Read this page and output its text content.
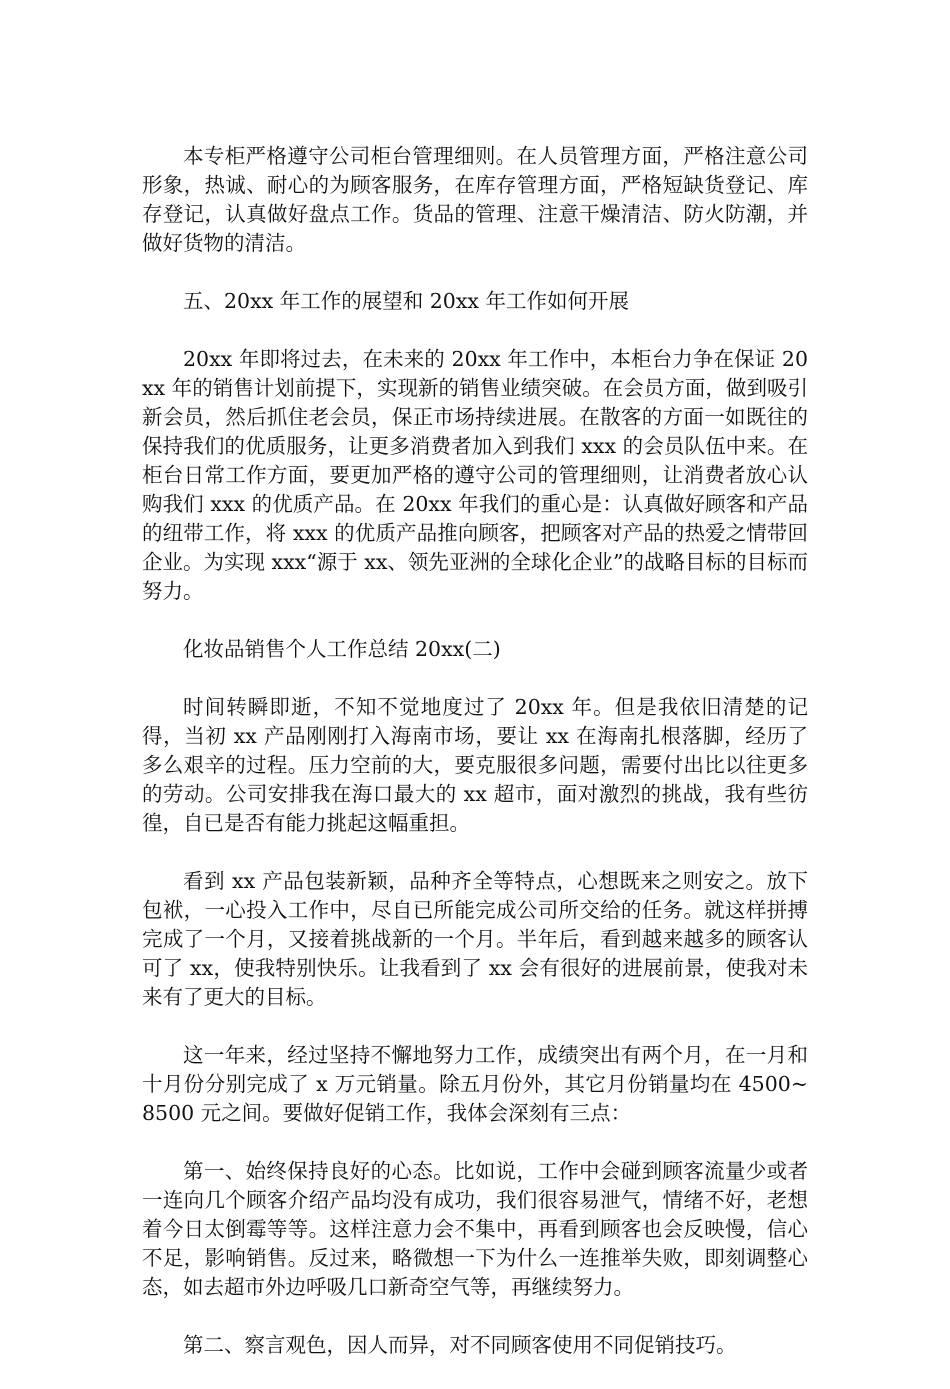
本专柜严格遵守公司柜台管理细则。在人员管理方面，严格注意公司形象，热诚、耐心的为顾客服务，在库存管理方面，严格短缺货登记、库存登记，认真做好盘点工作。货品的管理、注意干燥清洁、防火防潮，并做好货物的清洁。

五、20xx 年工作的展望和 20xx 年工作如何开展

20xx 年即将过去，在未来的 20xx 年工作中，本柜台力争在保证 20xx 年的销售计划前提下，实现新的销售业绩突破。在会员方面，做到吸引新会员，然后抓住老会员，保正市场持续进展。在散客的方面一如既往的保持我们的优质服务，让更多消费者加入到我们 xxx 的会员队伍中来。在柜台日常工作方面，要更加严格的遵守公司的管理细则，让消费者放心认购我们 xxx 的优质产品。在 20xx 年我们的重心是：认真做好顾客和产品的纽带工作，将 xxx 的优质产品推向顾客，把顾客对产品的热爱之情带回企业。为实现 xxx“源于 xx、领先亚洲的全球化企业”的战略目标的目标而努力。

化妆品销售个人工作总结 20xx(二)

时间转瞬即逝，不知不觉地度过了 20xx 年。但是我依旧清楚的记得，当初 xx 产品刚刚打入海南市场，要让 xx 在海南扎根落脚，经历了多么艰辛的过程。压力空前的大，要克服很多问题，需要付出比以往更多的劳动。公司安排我在海口最大的 xx 超市，面对激烈的挑战，我有些彷徨，自已是否有能力挑起这幅重担。

看到 xx 产品包装新颖，品种齐全等特点，心想既来之则安之。放下包袱，一心投入工作中，尽自已所能完成公司所交给的任务。就这样拼搏完成了一个月，又接着挑战新的一个月。半年后，看到越来越多的顾客认可了 xx，使我特别快乐。让我看到了 xx 会有很好的进展前景，使我对未来有了更大的目标。

这一年来，经过坚持不懈地努力工作，成绩突出有两个月，在一月和十月份分别完成了 x 万元销量。除五月份外，其它月份销量均在 4500~8500 元之间。要做好促销工作，我体会深刻有三点：

第一、始终保持良好的心态。比如说，工作中会碰到顾客流量少或者一连向几个顾客介绍产品均没有成功，我们很容易泄气，情绪不好，老想着今日太倒霉等等。这样注意力会不集中，再看到顾客也会反映慢，信心不足，影响销售。反过来，略微想一下为什么一连推举失败，即刻调整心态，如去超市外边呼吸几口新奇空气等，再继续努力。

第二、察言观色，因人而异，对不同顾客使用不同促销技巧。
